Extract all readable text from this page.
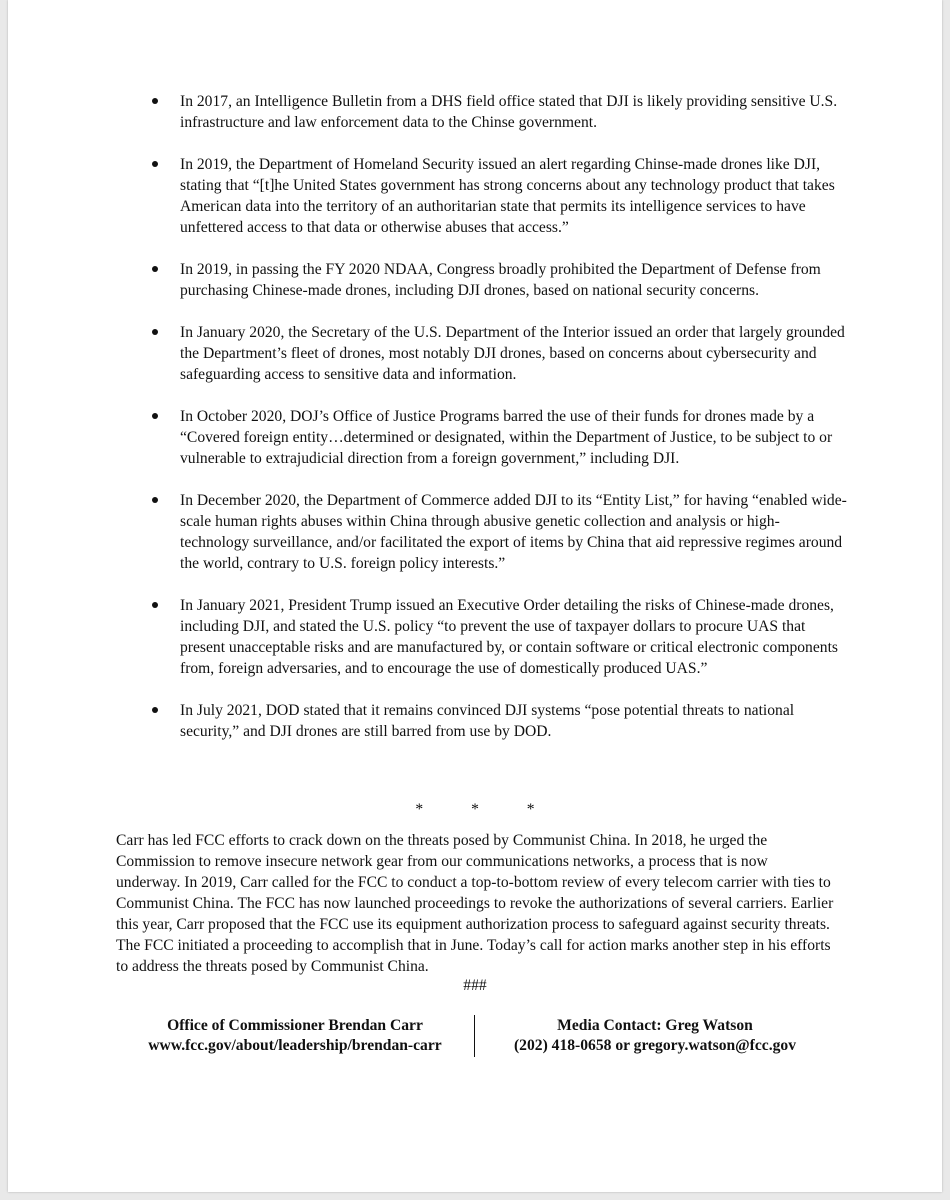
In 2017, an Intelligence Bulletin from a DHS field office stated that DJI is likely providing sensitive U.S. infrastructure and law enforcement data to the Chinse government.
In 2019, the Department of Homeland Security issued an alert regarding Chinse-made drones like DJI, stating that “[t]he United States government has strong concerns about any technology product that takes American data into the territory of an authoritarian state that permits its intelligence services to have unfettered access to that data or otherwise abuses that access.”
In 2019, in passing the FY 2020 NDAA, Congress broadly prohibited the Department of Defense from purchasing Chinese-made drones, including DJI drones, based on national security concerns.
In January 2020, the Secretary of the U.S. Department of the Interior issued an order that largely grounded the Department’s fleet of drones, most notably DJI drones, based on concerns about cybersecurity and safeguarding access to sensitive data and information.
In October 2020, DOJ’s Office of Justice Programs barred the use of their funds for drones made by a “Covered foreign entity…determined or designated, within the Department of Justice, to be subject to or vulnerable to extrajudicial direction from a foreign government,” including DJI.
In December 2020, the Department of Commerce added DJI to its “Entity List,” for having “enabled wide-scale human rights abuses within China through abusive genetic collection and analysis or high-technology surveillance, and/or facilitated the export of items by China that aid repressive regimes around the world, contrary to U.S. foreign policy interests.”
In January 2021, President Trump issued an Executive Order detailing the risks of Chinese-made drones, including DJI, and stated the U.S. policy “to prevent the use of taxpayer dollars to procure UAS that present unacceptable risks and are manufactured by, or contain software or critical electronic components from, foreign adversaries, and to encourage the use of domestically produced UAS.”
In July 2021, DOD stated that it remains convinced DJI systems “pose potential threats to national security,” and DJI drones are still barred from use by DOD.
*	*	*

Carr has led FCC efforts to crack down on the threats posed by Communist China. In 2018, he urged the Commission to remove insecure network gear from our communications networks, a process that is now underway. In 2019, Carr called for the FCC to conduct a top-to-bottom review of every telecom carrier with ties to Communist China. The FCC has now launched proceedings to revoke the authorizations of several carriers. Earlier this year, Carr proposed that the FCC use its equipment authorization process to safeguard against security threats. The FCC initiated a proceeding to accomplish that in June. Today’s call for action marks another step in his efforts to address the threats posed by Communist China.

###
Office of Commissioner Brendan Carr
www.fcc.gov/about/leadership/brendan-carr
Media Contact: Greg Watson
(202) 418-0658 or gregory.watson@fcc.gov
